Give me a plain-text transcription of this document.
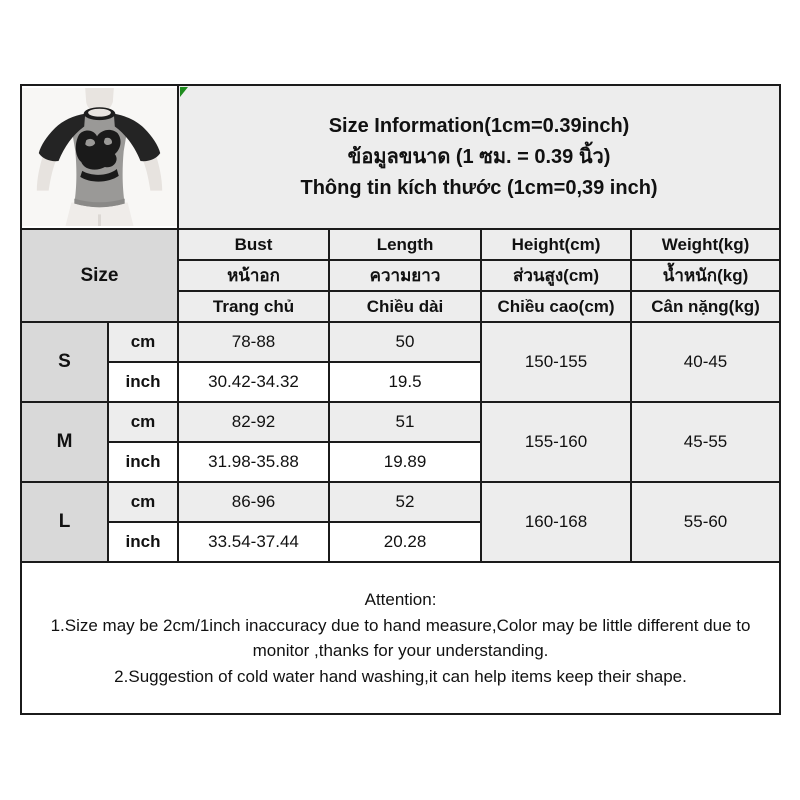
Size Information(1cm=0.39inch)
ข้อมูลขนาด (1 ซม. = 0.39 นิ้ว)
Thông tin kích thước (1cm=0,39 inch)			

Size		Bust	Length	Height(cm)	Weight(kg)
		หน้าอก	ความยาว	ส่วนสูง(cm)	น้ำหนัก(kg)
		Trang chủ	Chiều dài	Chiều cao(cm)	Cân nặng(kg)
S	cm	78-88	50	150-155	40-45
	inch	30.42-34.32	19.5		
M	cm	82-92	51	155-160	45-55
	inch	31.98-35.88	19.89		
L	cm	86-96	52	160-168	55-60
	inch	33.54-37.44	20.28		

Attention:
1.Size may be 2cm/1inch inaccuracy due to hand measure,Color may be little different due to monitor ,thanks for your understanding.
2.Suggestion of cold water hand washing,it can help items keep their shape.					
